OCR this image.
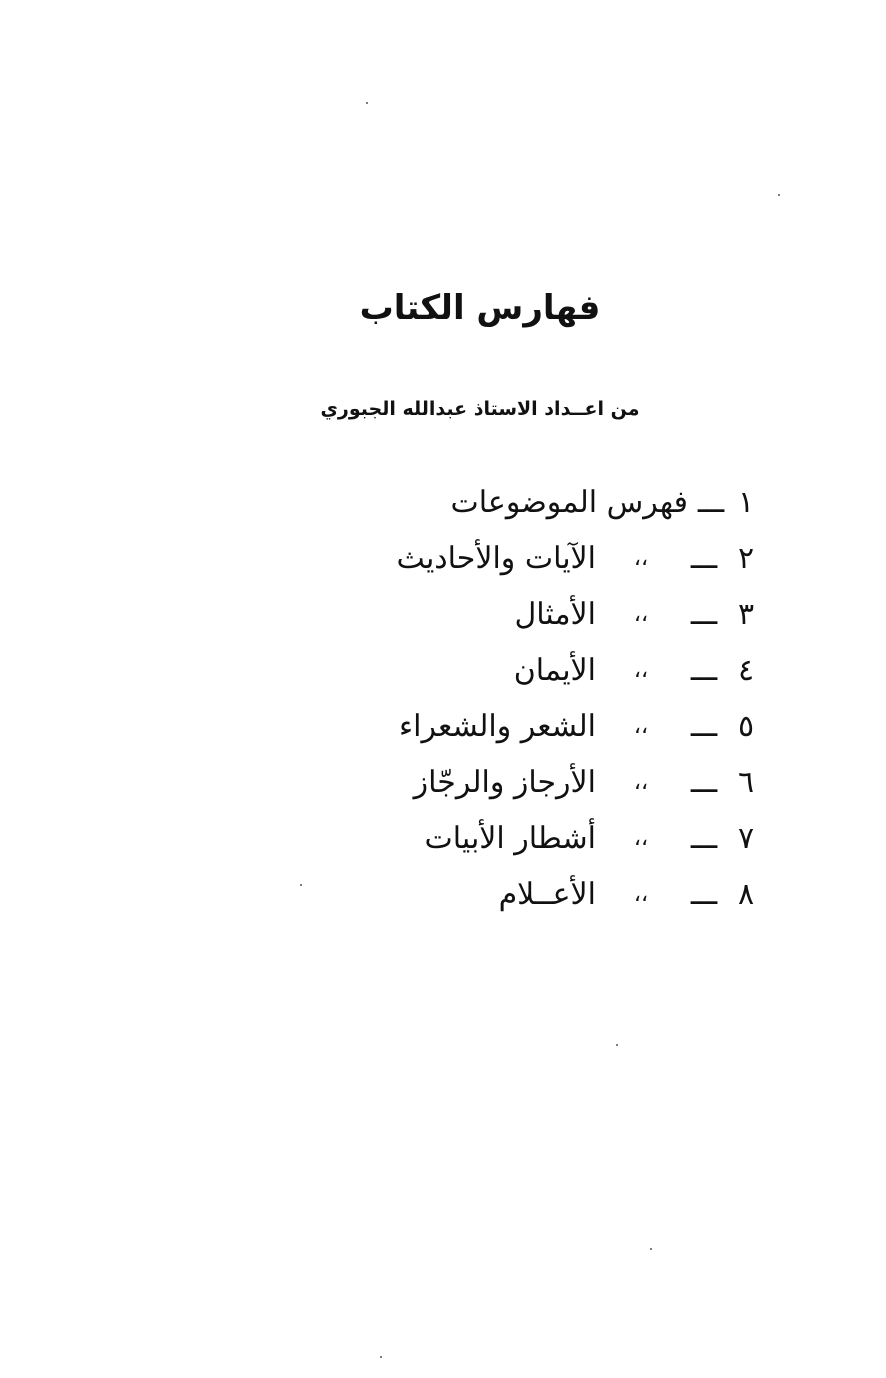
فهارس الكتاب
من اعــداد الاستاذ عبدالله الجبوري
١
ـــ
فهرس الموضوعات
٢
ـــ
،،
الآيات والأحاديث
٣
ـــ
،،
الأمثال
٤
ـــ
،،
الأيمان
٥
ـــ
،،
الشعر والشعراء
٦
ـــ
،،
الأرجاز والرجّاز
٧
ـــ
،،
أشطار الأبيات
٨
ـــ
،،
الأعــلام
